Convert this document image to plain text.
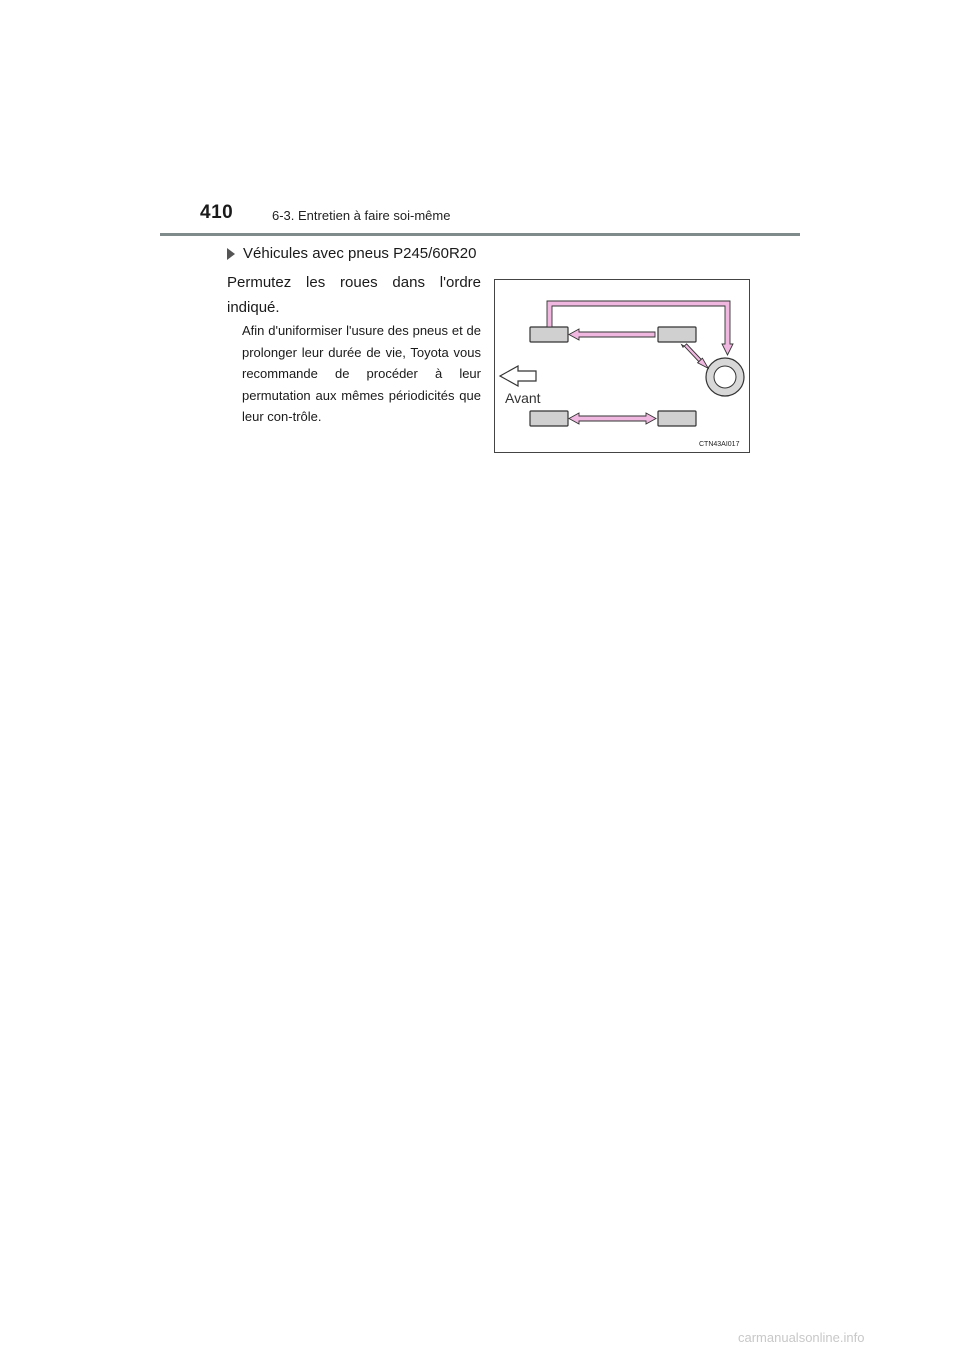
410	6-3. Entretien à faire soi-même
Véhicules avec pneus P245/60R20
Permutez les roues dans l'ordre indiqué.
Afin d'uniformiser l'usure des pneus et de prolonger leur durée de vie, Toyota vous recommande de procéder à leur permutation aux mêmes périodicités que leur con-trôle.
Avant
CTN43AI017
carmanualsonline.info
